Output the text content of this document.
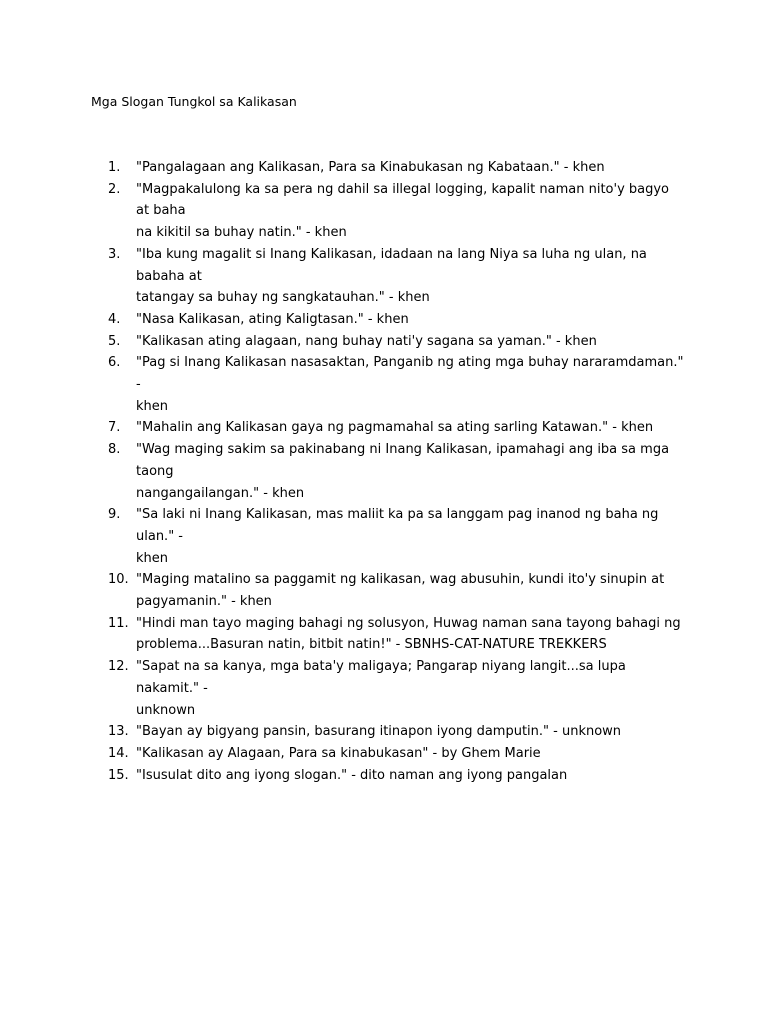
Mga Slogan Tungkol sa Kalikasan
1.	"Pangalagaan ang Kalikasan, Para sa Kinabukasan ng Kabataan." - khen
2.	"Magpakalulong ka sa pera ng dahil sa illegal logging, kapalit naman nito'y bagyo at baha
na kikitil sa buhay natin." - khen
3.	"Iba kung magalit si Inang Kalikasan, idadaan na lang Niya sa luha ng ulan, na babaha at
tatangay sa buhay ng sangkatauhan." - khen
4.	"Nasa Kalikasan, ating Kaligtasan." - khen
5.	"Kalikasan ating alagaan, nang buhay nati'y sagana sa yaman." - khen
6.	"Pag si Inang Kalikasan nasasaktan, Panganib ng ating mga buhay nararamdaman." -
khen
7.	"Mahalin ang Kalikasan gaya ng pagmamahal sa ating sarling Katawan." - khen
8.	"Wag maging sakim sa pakinabang ni Inang Kalikasan, ipamahagi ang iba sa mga taong
nangangailangan." - khen
9.	"Sa laki ni Inang Kalikasan, mas maliit ka pa sa langgam pag inanod ng baha ng ulan." -
khen
10. "Maging matalino sa paggamit ng kalikasan, wag abusuhin, kundi ito'y sinupin at
pagyamanin." - khen
11. "Hindi man tayo maging bahagi ng solusyon, Huwag naman sana tayong bahagi ng
problema...Basuran natin, bitbit natin!" - SBNHS-CAT-NATURE TREKKERS
12. "Sapat na sa kanya, mga bata'y maligaya; Pangarap niyang langit...sa lupa nakamit." -
unknown
13. "Bayan ay bigyang pansin, basurang itinapon iyong damputin." - unknown
14. "Kalikasan ay Alagaan, Para sa kinabukasan" - by Ghem Marie
15. "Isusulat dito ang iyong slogan." - dito naman ang iyong pangalan
